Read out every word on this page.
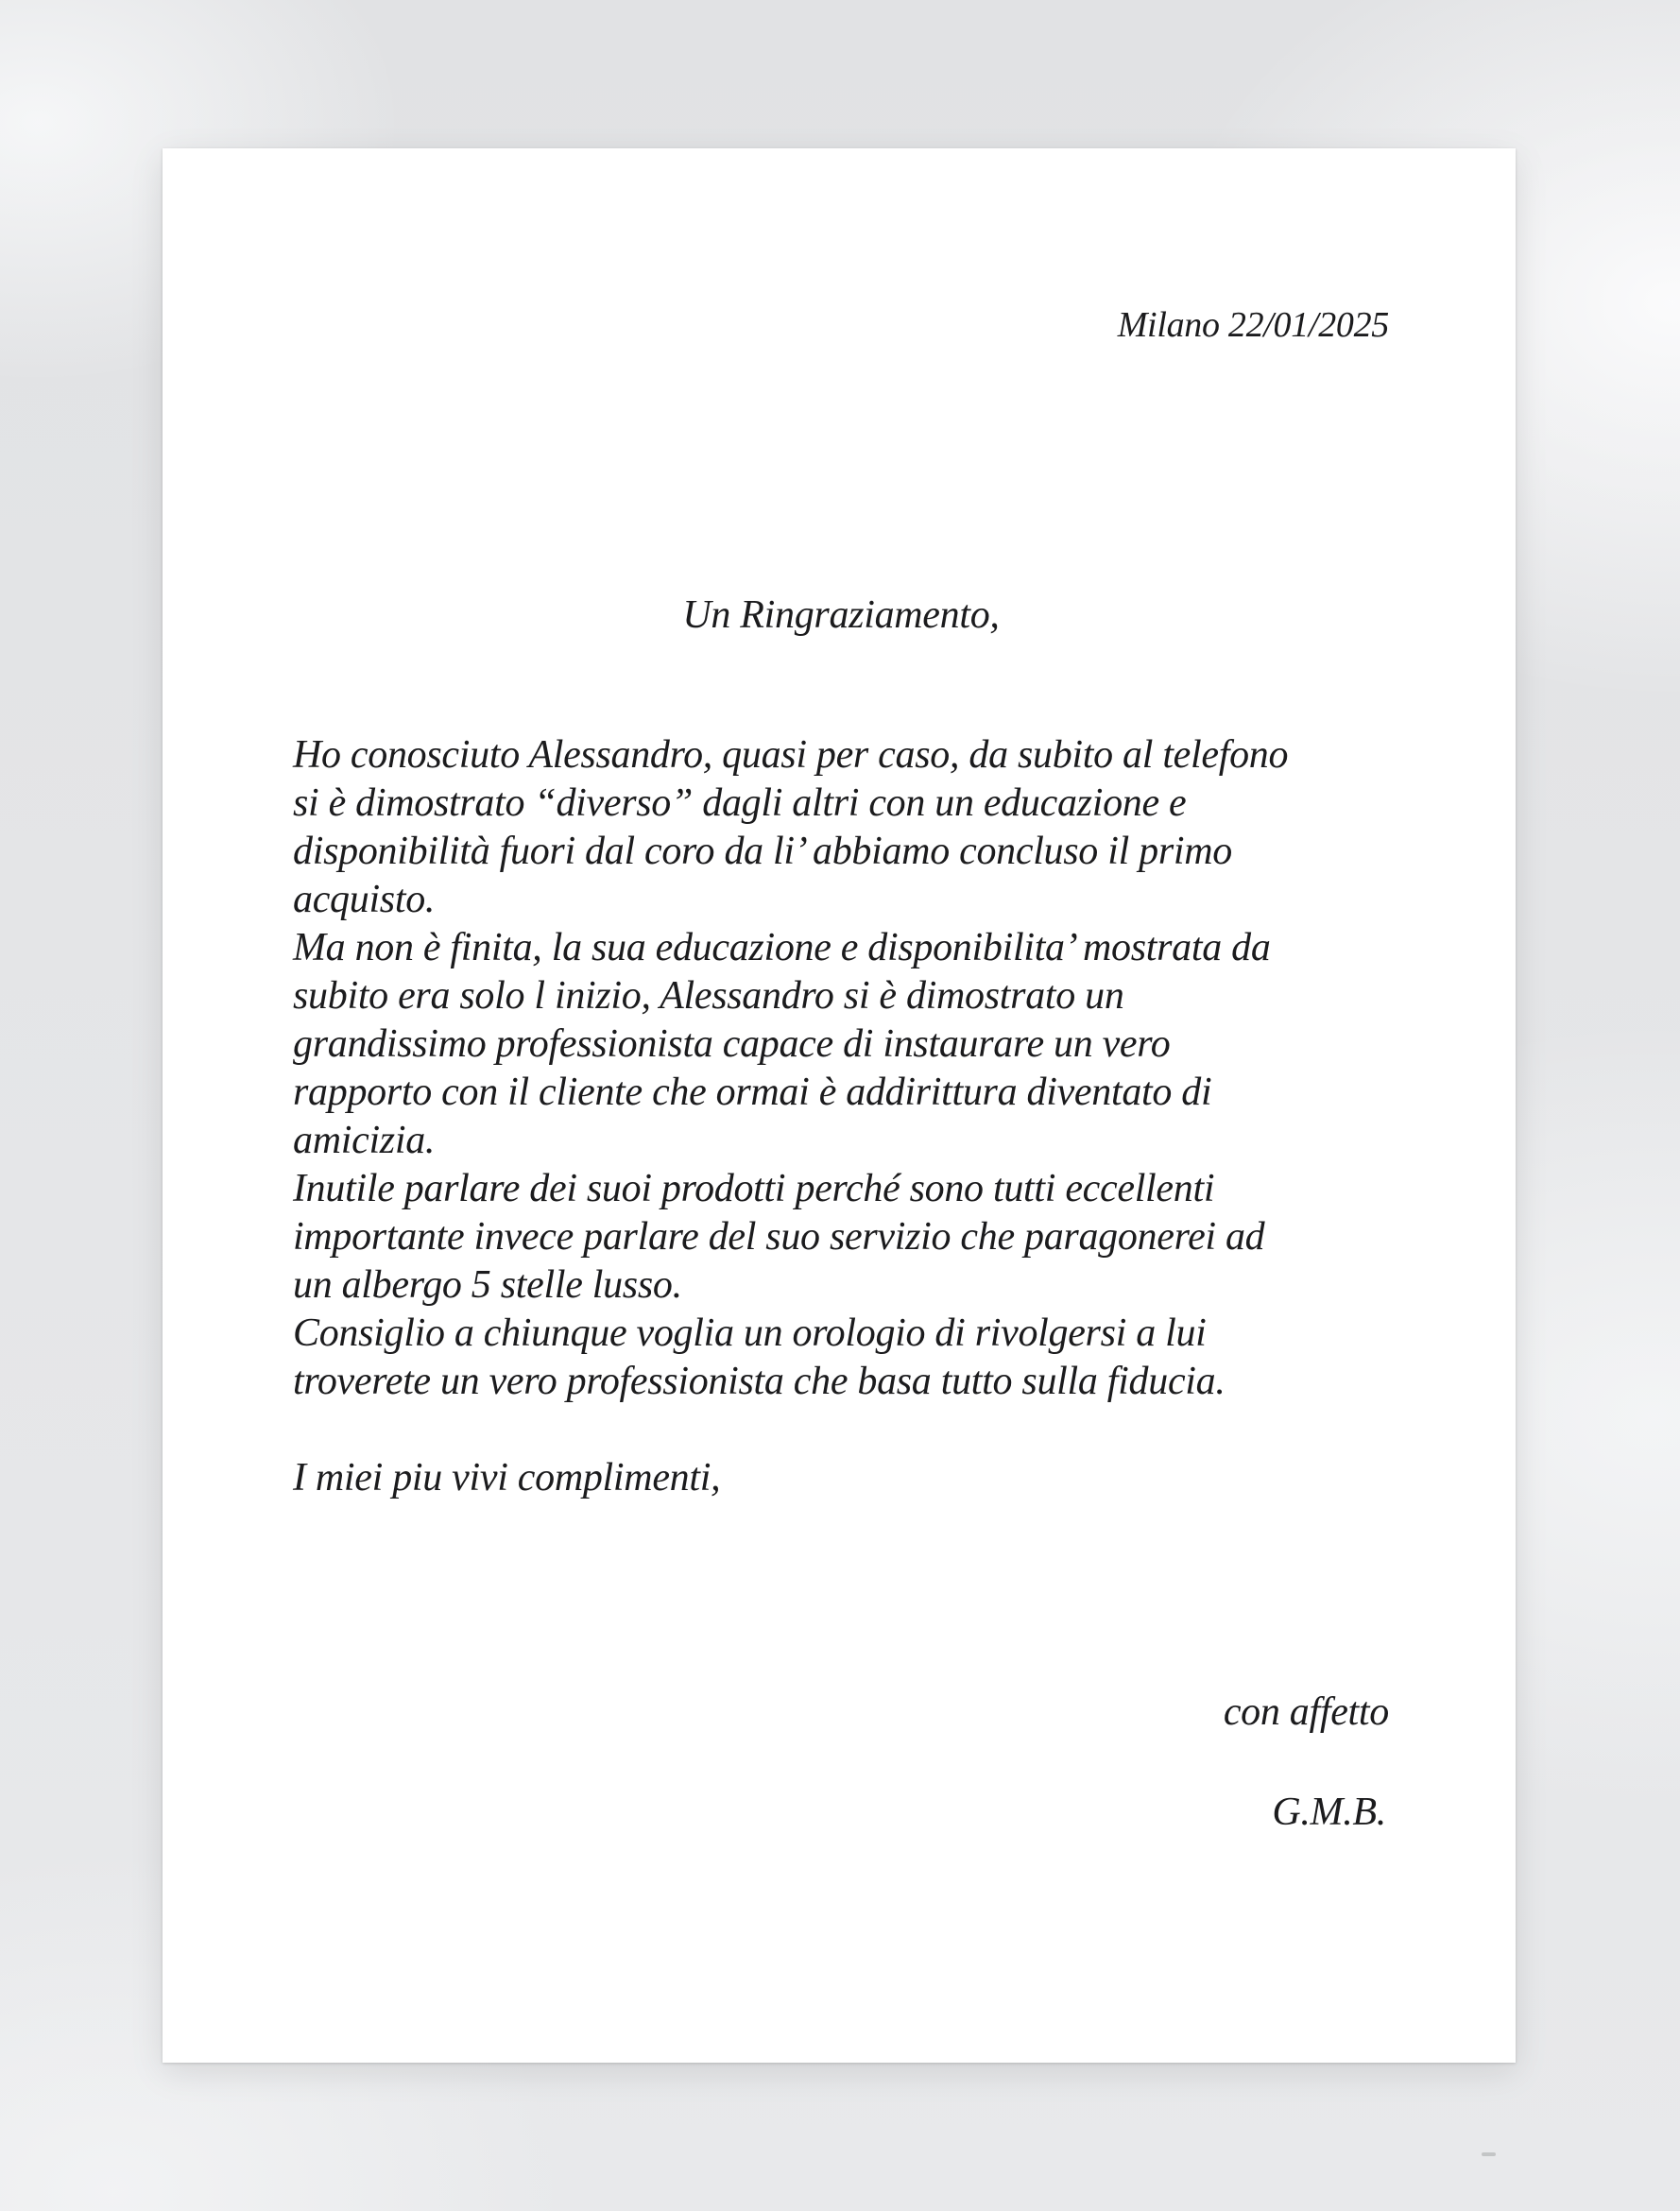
Milano 22/01/2025
Un Ringraziamento,
Ho conosciuto Alessandro, quasi per caso, da subito al telefono
si è dimostrato “diverso” dagli altri con un educazione e
disponibilità fuori dal coro da li’ abbiamo concluso il primo
acquisto.
Ma non è finita, la sua educazione e disponibilita’ mostrata da
subito era solo l inizio, Alessandro si è dimostrato un
grandissimo professionista capace di instaurare un vero
rapporto con il cliente che ormai è addirittura diventato di
amicizia.
Inutile parlare dei suoi prodotti perché sono tutti eccellenti
importante invece parlare del suo servizio che paragonerei ad
un albergo 5 stelle lusso.
Consiglio a chiunque voglia un orologio di rivolgersi a lui
troverete un vero professionista che basa tutto sulla fiducia.

I miei piu vivi complimenti,
con affetto
G.M.B.
